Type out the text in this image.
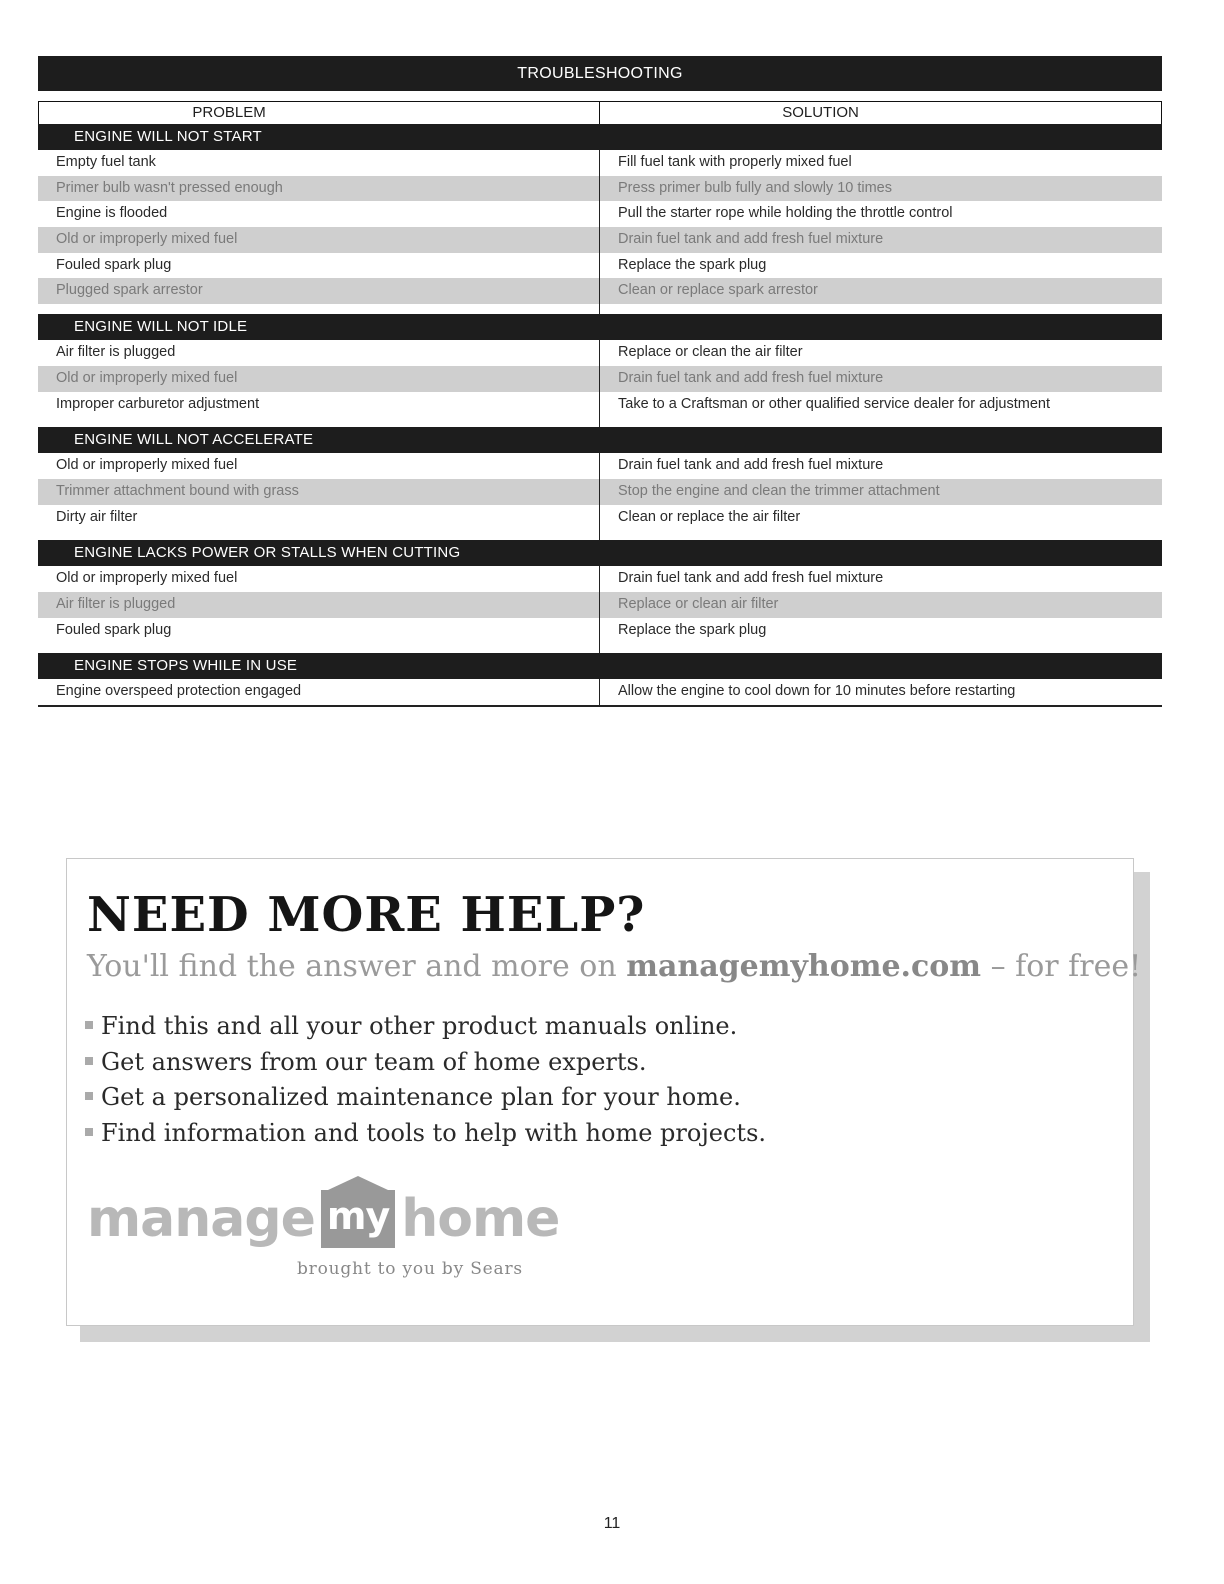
TROUBLESHOOTING
PROBLEM	SOLUTION
ENGINE WILL NOT START
Empty fuel tank	Fill fuel tank with properly mixed fuel
Primer bulb wasn't pressed enough	Press primer bulb fully and slowly 10 times
Engine is flooded	Pull the starter rope while holding the throttle control
Old or improperly mixed fuel	Drain fuel tank and add fresh fuel mixture
Fouled spark plug	Replace the spark plug
Plugged spark arrestor	Clean or replace spark arrestor
ENGINE WILL NOT IDLE
Air filter is plugged	Replace or clean the air filter
Old or improperly mixed fuel	Drain fuel tank and add fresh fuel mixture
Improper carburetor adjustment	Take to a Craftsman or other qualified service dealer for adjustment
ENGINE WILL NOT ACCELERATE
Old or improperly mixed fuel	Drain fuel tank and add fresh fuel mixture
Trimmer attachment bound with grass	Stop the engine and clean the trimmer attachment
Dirty air filter	Clean or replace the air filter
ENGINE LACKS POWER OR STALLS WHEN CUTTING
Old or improperly mixed fuel	Drain fuel tank and add fresh fuel mixture
Air filter is plugged	Replace or clean air filter
Fouled spark plug	Replace the spark plug
ENGINE STOPS WHILE IN USE
Engine overspeed protection engaged	Allow the engine to cool down for 10 minutes before restarting
NEED MORE HELP?
You'll find the answer and more on managemyhome.com – for free!
Find this and all your other product manuals online.
Get answers from our team of home experts.
Get a personalized maintenance plan for your home.
Find information and tools to help with home projects.
manage my home
brought to you by Sears
11
